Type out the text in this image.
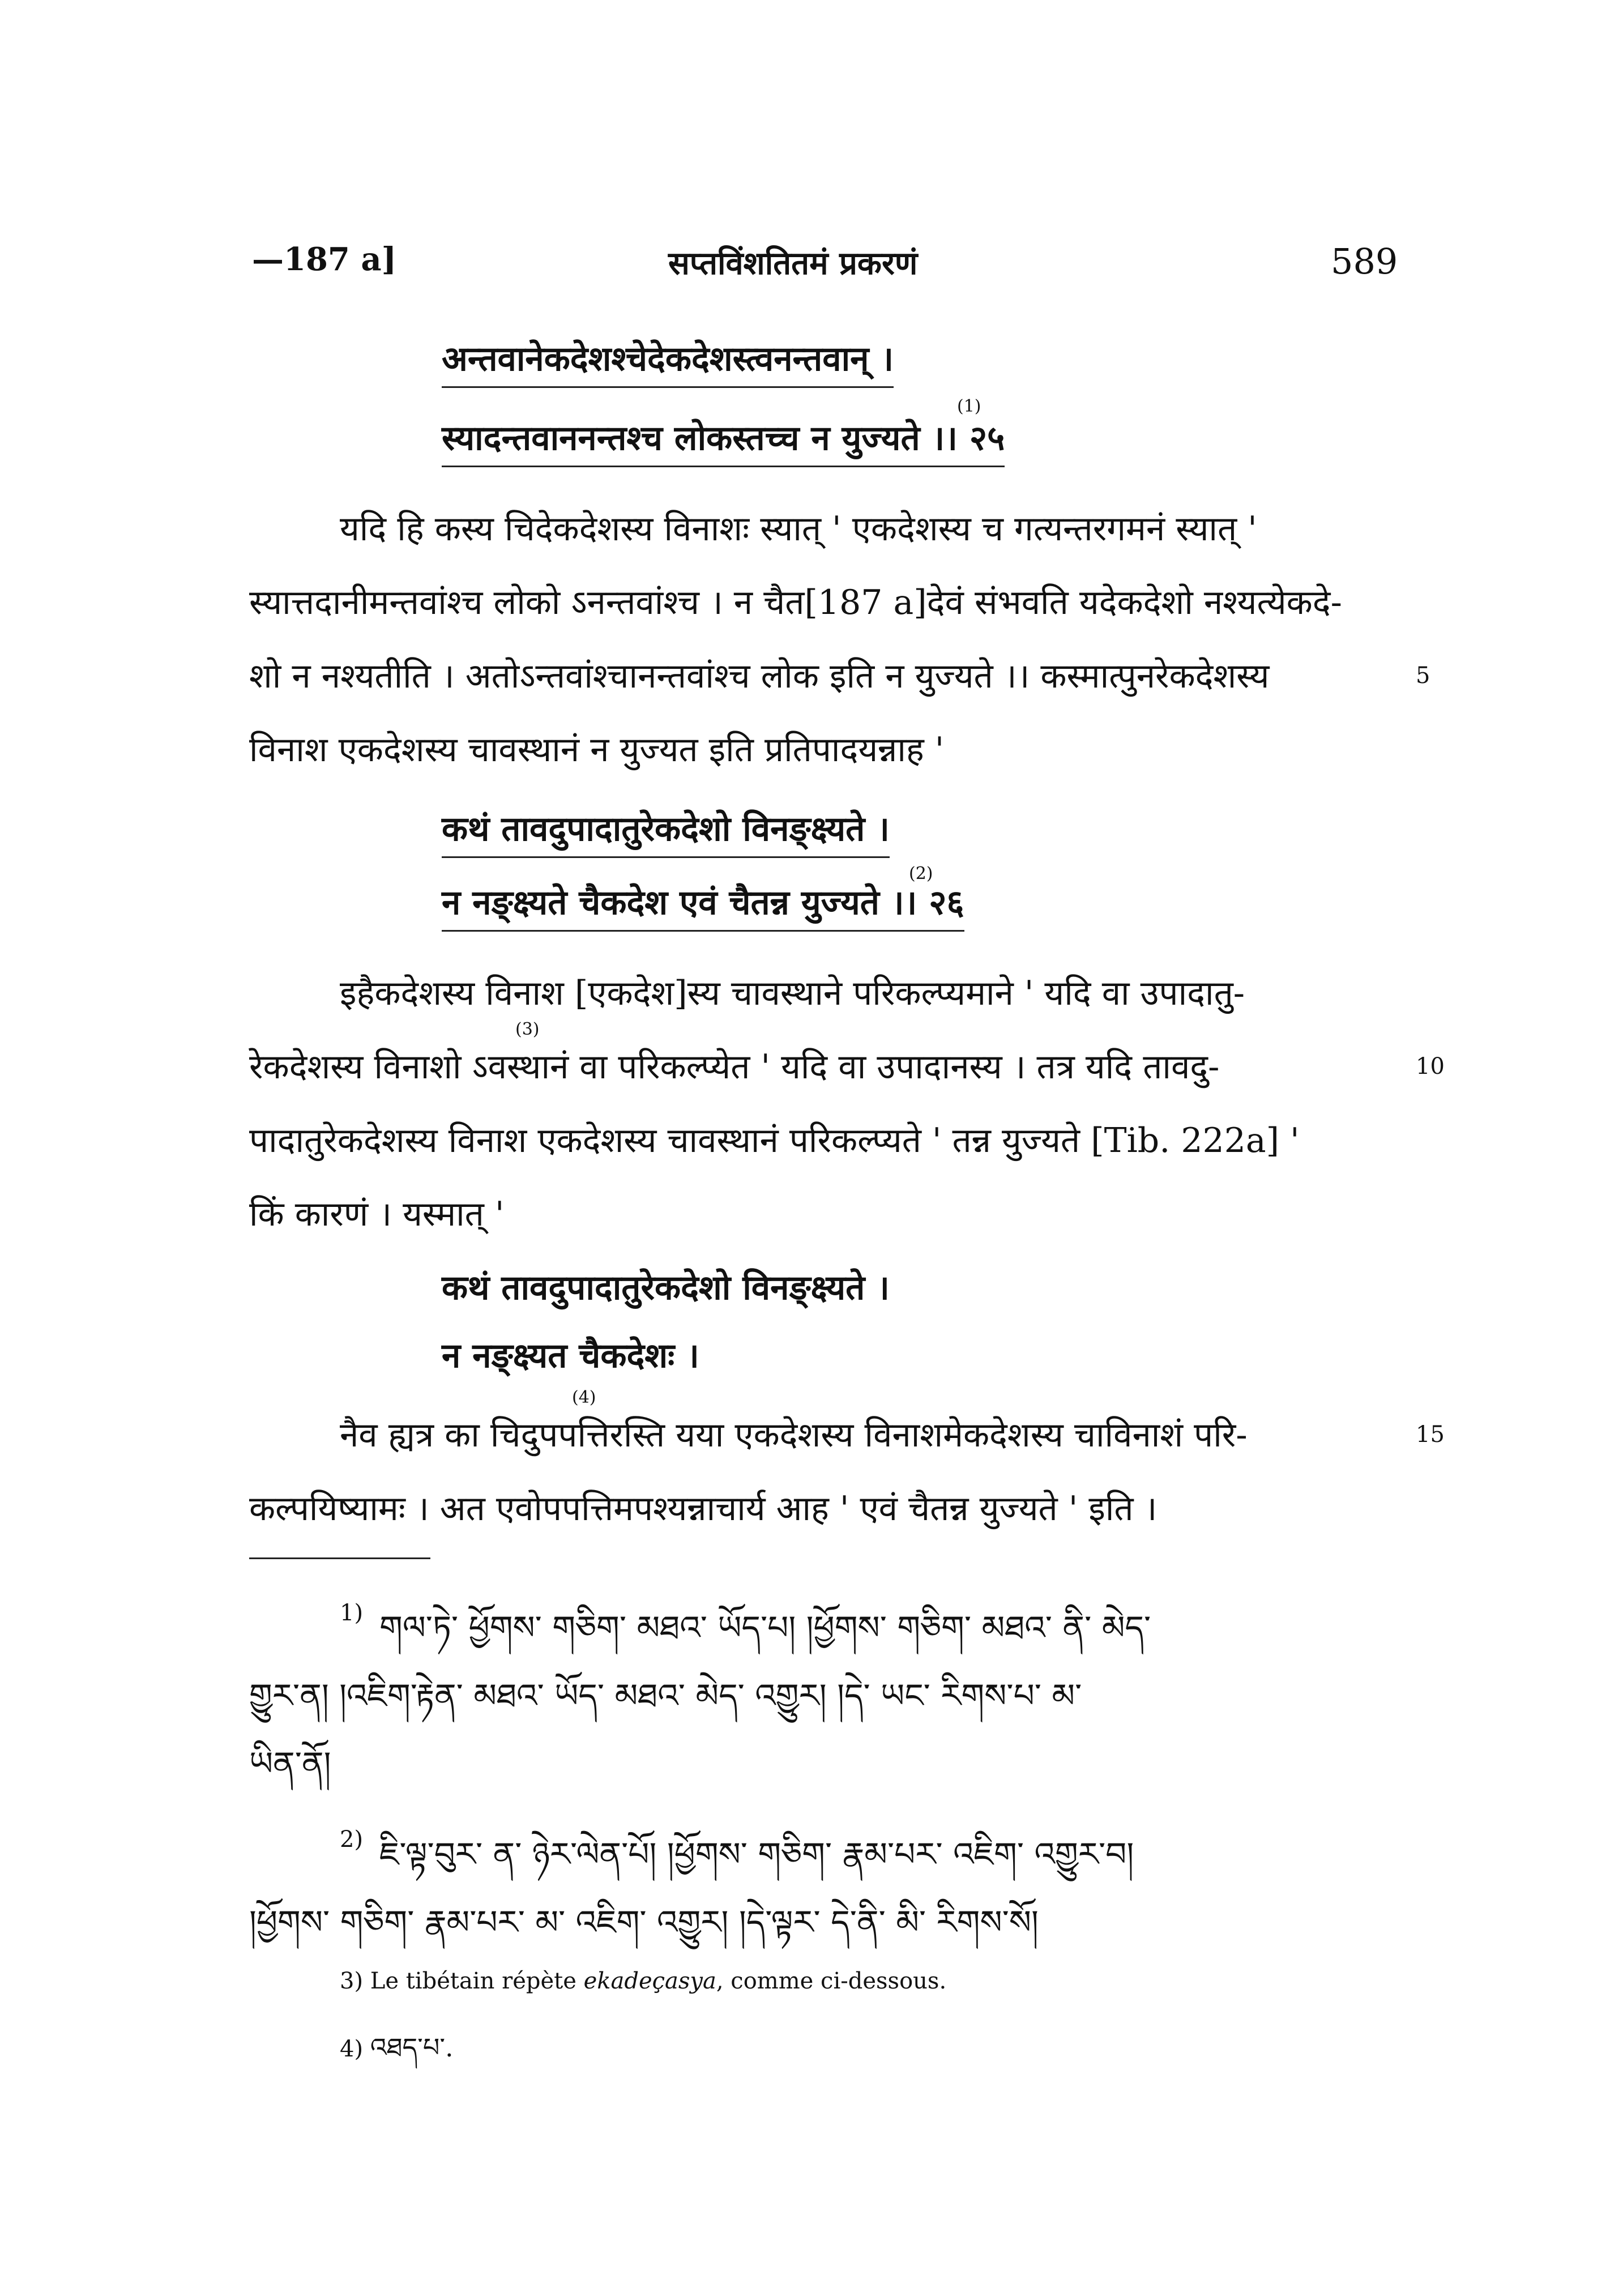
—187 a]	सप्तविंशतितमं प्रकरणं	589
अन्तवानेकदेशश्चेदेकदेशस्त्वनन्तवान् ।
स्यादन्तवाननन्तश्च लोकस्तच्च न युज्यते ।। २५
(1)
यदि हि कस्य चिदेकदेशस्य विनाशः स्यात् ' एकदेशस्य च गत्यन्तरगमनं स्यात् '
स्यात्तदानीमन्तवांश्च लोको ऽनन्तवांश्च । न चैत[187 a]देवं संभवति यदेकदेशो नश्यत्येकदे-
शो न नश्यतीति । अतोऽन्तवांश्चानन्तवांश्च लोक इति न युज्यते ।। कस्मात्पुनरेकदेशस्य	5
विनाश एकदेशस्य चावस्थानं न युज्यत इति प्रतिपादयन्नाह '
कथं तावदुपादातुरेकदेशो विनङ्क्ष्यते ।
न नङ्क्ष्यते चैकदेश एवं चैतन्न युज्यते ।। २६
(2)
इहैकदेशस्य विनाश [एकदेश]स्य चावस्थाने परिकल्प्यमाने ' यदि वा उपादातु-
(3)
रेकदेशस्य विनाशो ऽवस्थानं वा परिकल्प्येत ' यदि वा उपादानस्य । तत्र यदि तावदु-	10
पादातुरेकदेशस्य विनाश एकदेशस्य चावस्थानं परिकल्प्यते ' तन्न युज्यते [Tib. 222a] '
किं कारणं । यस्मात् '
कथं तावदुपादातुरेकदेशो विनङ्क्ष्यते ।
न नङ्क्ष्यत चैकदेशः ।
(4)
नैव ह्यत्र का चिदुपपत्तिरस्ति यया एकदेशस्य विनाशमेकदेशस्य चाविनाशं परि-	15
कल्पयिष्यामः । अत एवोपपत्तिमपश्यन्नाचार्य आह ' एवं चैतन्न युज्यते ' इति ।
1) གལ་ཏེ་ ཕྱོགས་ གཅིག་ མཐའ་ ཡོད་པ། །ཕྱོགས་ གཅིག་ མཐའ་ ནི་ མེད་
གྱུར་ན། །འཇིག་རྟེན་ མཐའ་ ཡོད་ མཐའ་ མེད་ འགྱུར། །དེ་ ཡང་ རིགས་པ་ མ་
ཡིན་ནོ།
2) ཇི་ལྟ་བུར་ ན་ ཉེར་ལེན་པོ། །ཕྱོགས་ གཅིག་ རྣམ་པར་ འཇིག་ འགྱུར་བ།
།ཕྱོགས་ གཅིག་ རྣམ་པར་ མ་ འཇིག་ འགྱུར། །དེ་ལྟར་ དེ་ནི་ མི་ རིགས་སོ།
3) Le tibétain répète ekadeçasya, comme ci-dessous.
4) འཐད་པ་.
